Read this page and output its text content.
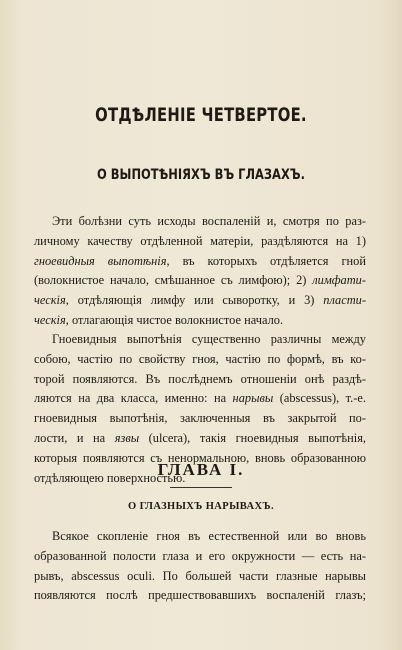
ОТДѢЛЕНІЕ ЧЕТВЕРТОЕ.
О ВЫПОТѢНІЯХЪ ВЪ ГЛАЗАХЪ.
Эти болѣзни суть исходы воспаленій и, смотря по раз-
личному качеству отдѣленной матеріи, раздѣляются на 1)
гноевидныя выпотѣнія, въ которыхъ отдѣляется гной
(волокнистое начало, смѣшанное съ лимфою); 2) лимфати-
ческія, отдѣляющія лимфу или сыворотку, и 3) пласти-
ческія, отлагающія чистое волокнистое начало.
Гноевидныя выпотѣнія существенно различны между
собою, частію по свойству гноя, частію по формѣ, въ ко-
торой появляются. Въ послѣднемъ отношеніи онѣ раздѣ-
ляются на два класса, именно: на нарывы (abscessus), т.-е.
гноевидныя выпотѣнія, заключенныя въ закрытой по-
лости, и на язвы (ulcera), такія гноевидныя выпотѣнія,
которыя появляются съ ненормальною, вновь образованною
отдѣляющею поверхностью.
ГЛАВА I.
О ГЛАЗНЫХЪ НАРЫВАХЪ.
Всякое скопленіе гноя въ естественной или во вновь
образованной полости глаза и его окружности — есть на-
рывъ, abscessus oculi. По большей части глазные нарывы
появляются послѣ предшествовавшихъ воспаленій глазъ;
